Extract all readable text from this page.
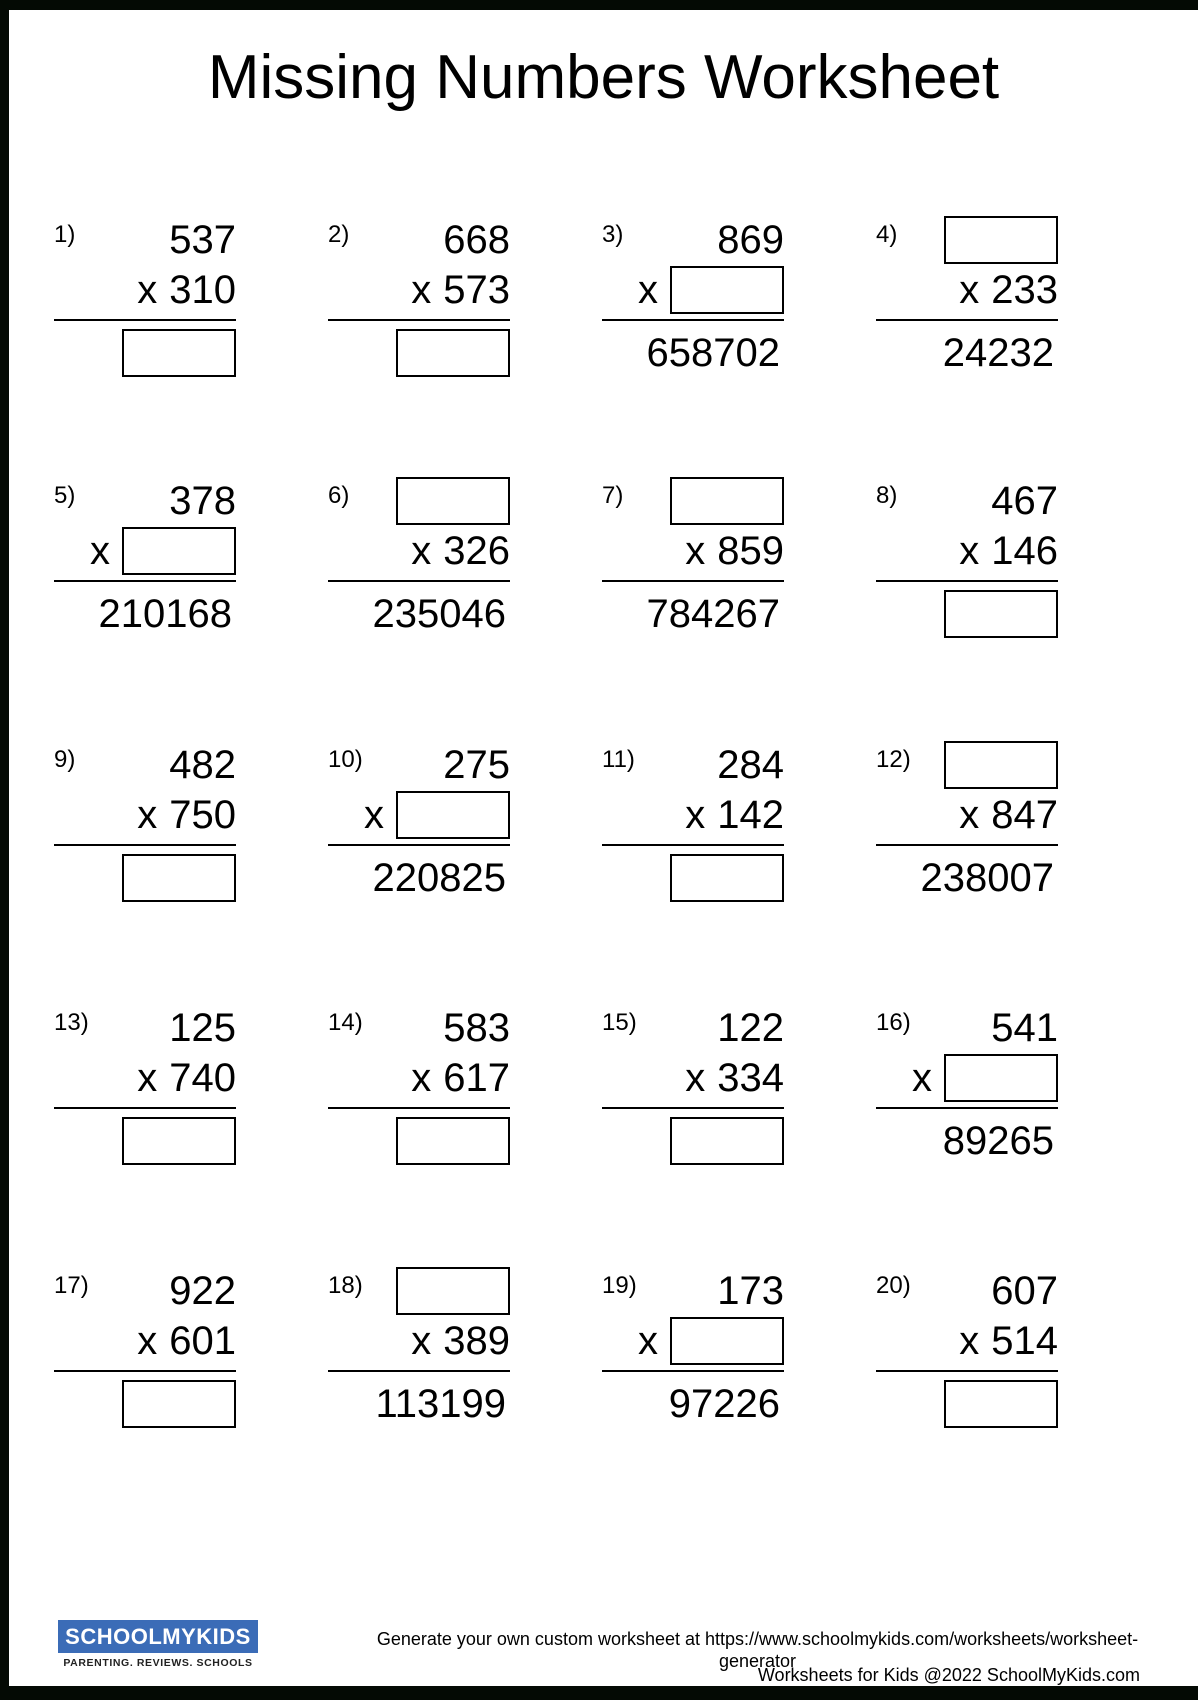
Missing Numbers Worksheet
1) 537
x 310
2) 668
x 573
3) 869
x
658702
4)
x 233
24232
5) 378
x
210168
6)
x 326
235046
7)
x 859
784267
8) 467
x 146
9) 482
x 750
10) 275
x
220825
11) 284
x 142
12)
x 847
238007
13) 125
x 740
14) 583
x 617
15) 122
x 334
16) 541
x
89265
17) 922
x 601
18)
x 389
113199
19) 173
x
97226
20) 607
x 514
SCHOOLMYKIDS
PARENTING. REVIEWS. SCHOOLS
Generate your own custom worksheet at https://www.schoolmykids.com/worksheets/worksheet-generator
Worksheets for Kids @2022 SchoolMyKids.com
